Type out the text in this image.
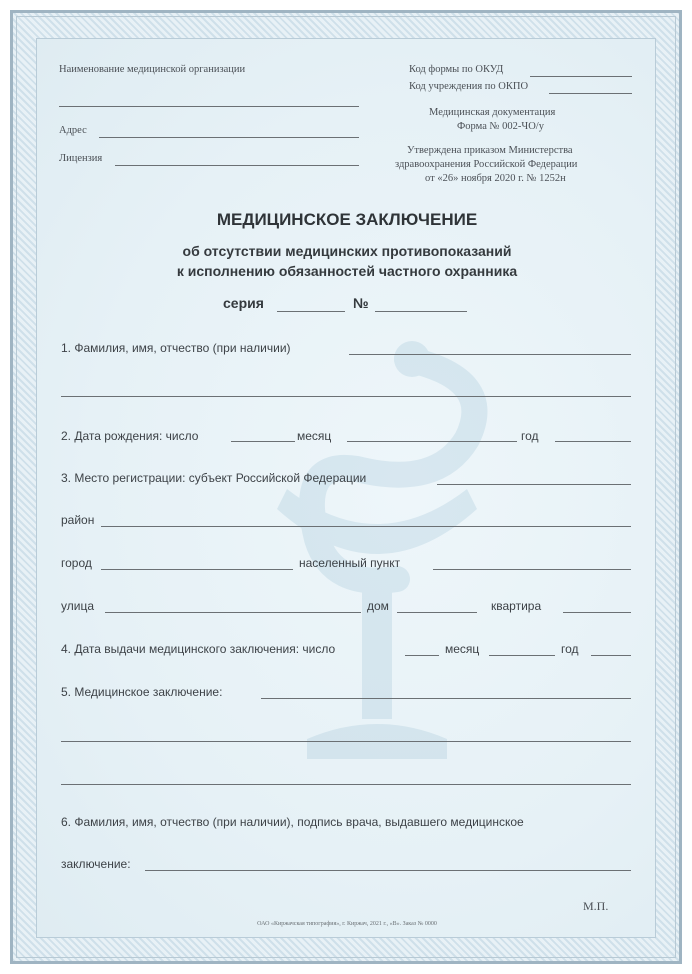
Наименование медицинской организации
Адрес
Лицензия
Код формы по ОКУД
Код учреждения по ОКПО
Медицинская документация
Форма № 002-ЧО/у
Утверждена приказом Министерства
здравоохранения Российской Федерации
от «26» ноября 2020 г. № 1252н
МЕДИЦИНСКОЕ ЗАКЛЮЧЕНИЕ
об отсутствии медицинских противопоказаний
к исполнению обязанностей частного охранника
серия	№
1. Фамилия, имя, отчество (при наличии)
2. Дата рождения: число	месяц	год
3. Место регистрации: субъект Российской Федерации
район
город	населенный пункт
улица	дом	квартира
4. Дата выдачи медицинского заключения: число	месяц	год
5. Медицинское заключение:
6. Фамилия, имя, отчество (при наличии), подпись врача, выдавшего медицинское
заключение:
М.П.
ОАО «Киржачская типография», г. Киржач, 2021 г., «В». Заказ № 0000
